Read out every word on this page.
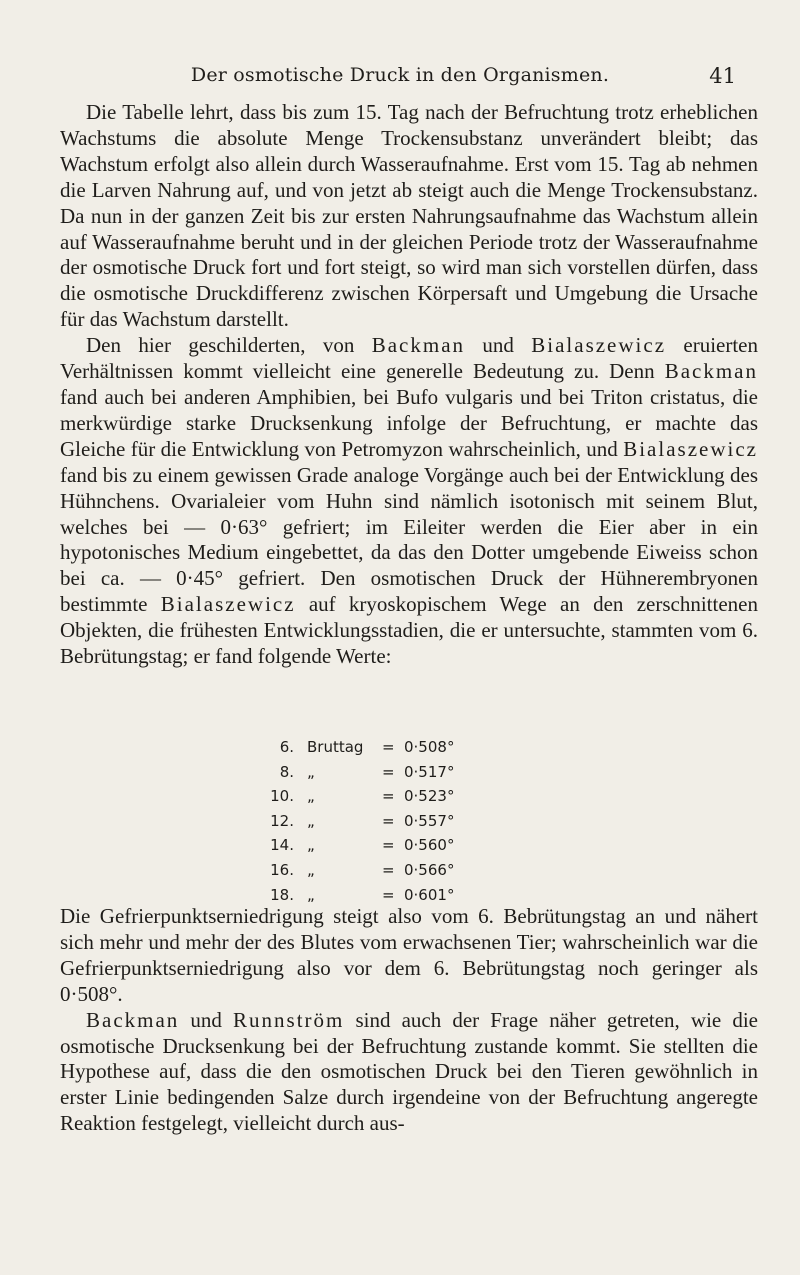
Der osmotische Druck in den Organismen.	41

Die Tabelle lehrt, dass bis zum 15. Tag nach der Befruchtung trotz erheblichen Wachstums die absolute Menge Trockensubstanz unverändert bleibt; das Wachstum erfolgt also allein durch Wasseraufnahme. Erst vom 15. Tag ab nehmen die Larven Nahrung auf, und von jetzt ab steigt auch die Menge Trockensubstanz. Da nun in der ganzen Zeit bis zur ersten Nahrungsaufnahme das Wachstum allein auf Wasseraufnahme beruht und in der gleichen Periode trotz der Wasseraufnahme der osmotische Druck fort und fort steigt, so wird man sich vorstellen dürfen, dass die osmotische Druckdifferenz zwischen Körpersaft und Umgebung die Ursache für das Wachstum darstellt.

Den hier geschilderten, von Backman und Bialaszewicz eruierten Verhältnissen kommt vielleicht eine generelle Bedeutung zu. Denn Backman fand auch bei anderen Amphibien, bei Bufo vulgaris und bei Triton cristatus, die merkwürdige starke Drucksenkung infolge der Befruchtung, er machte das Gleiche für die Entwicklung von Petromyzon wahrscheinlich, und Bialaszewicz fand bis zu einem gewissen Grade analoge Vorgänge auch bei der Entwicklung des Hühnchens. Ovarialeier vom Huhn sind nämlich isotonisch mit seinem Blut, welches bei — 0·63° gefriert; im Eileiter werden die Eier aber in ein hypotonisches Medium eingebettet, da das den Dotter umgebende Eiweiss schon bei ca. — 0·45° gefriert. Den osmotischen Druck der Hühnerembryonen bestimmte Bialaszewicz auf kryoskopischem Wege an den zerschnittenen Objekten, die frühesten Entwicklungsstadien, die er untersuchte, stammten vom 6. Bebrütungstag; er fand folgende Werte:

6. Bruttag = 0·508°
8. „	= 0·517°
10. „	= 0·523°
12. „	= 0·557°
14. „	= 0·560°
16. „	= 0·566°
18. „	= 0·601°

Die Gefrierpunktserniedrigung steigt also vom 6. Bebrütungstag an und nähert sich mehr und mehr der des Blutes vom erwachsenen Tier; wahrscheinlich war die Gefrierpunktserniedrigung also vor dem 6. Bebrütungstag noch geringer als 0·508°.

Backman und Runnström sind auch der Frage näher getreten, wie die osmotische Drucksenkung bei der Befruchtung zustande kommt. Sie stellten die Hypothese auf, dass die den osmotischen Druck bei den Tieren gewöhnlich in erster Linie bedingenden Salze durch irgendeine von der Befruchtung angeregte Reaktion festgelegt, vielleicht durch aus-
